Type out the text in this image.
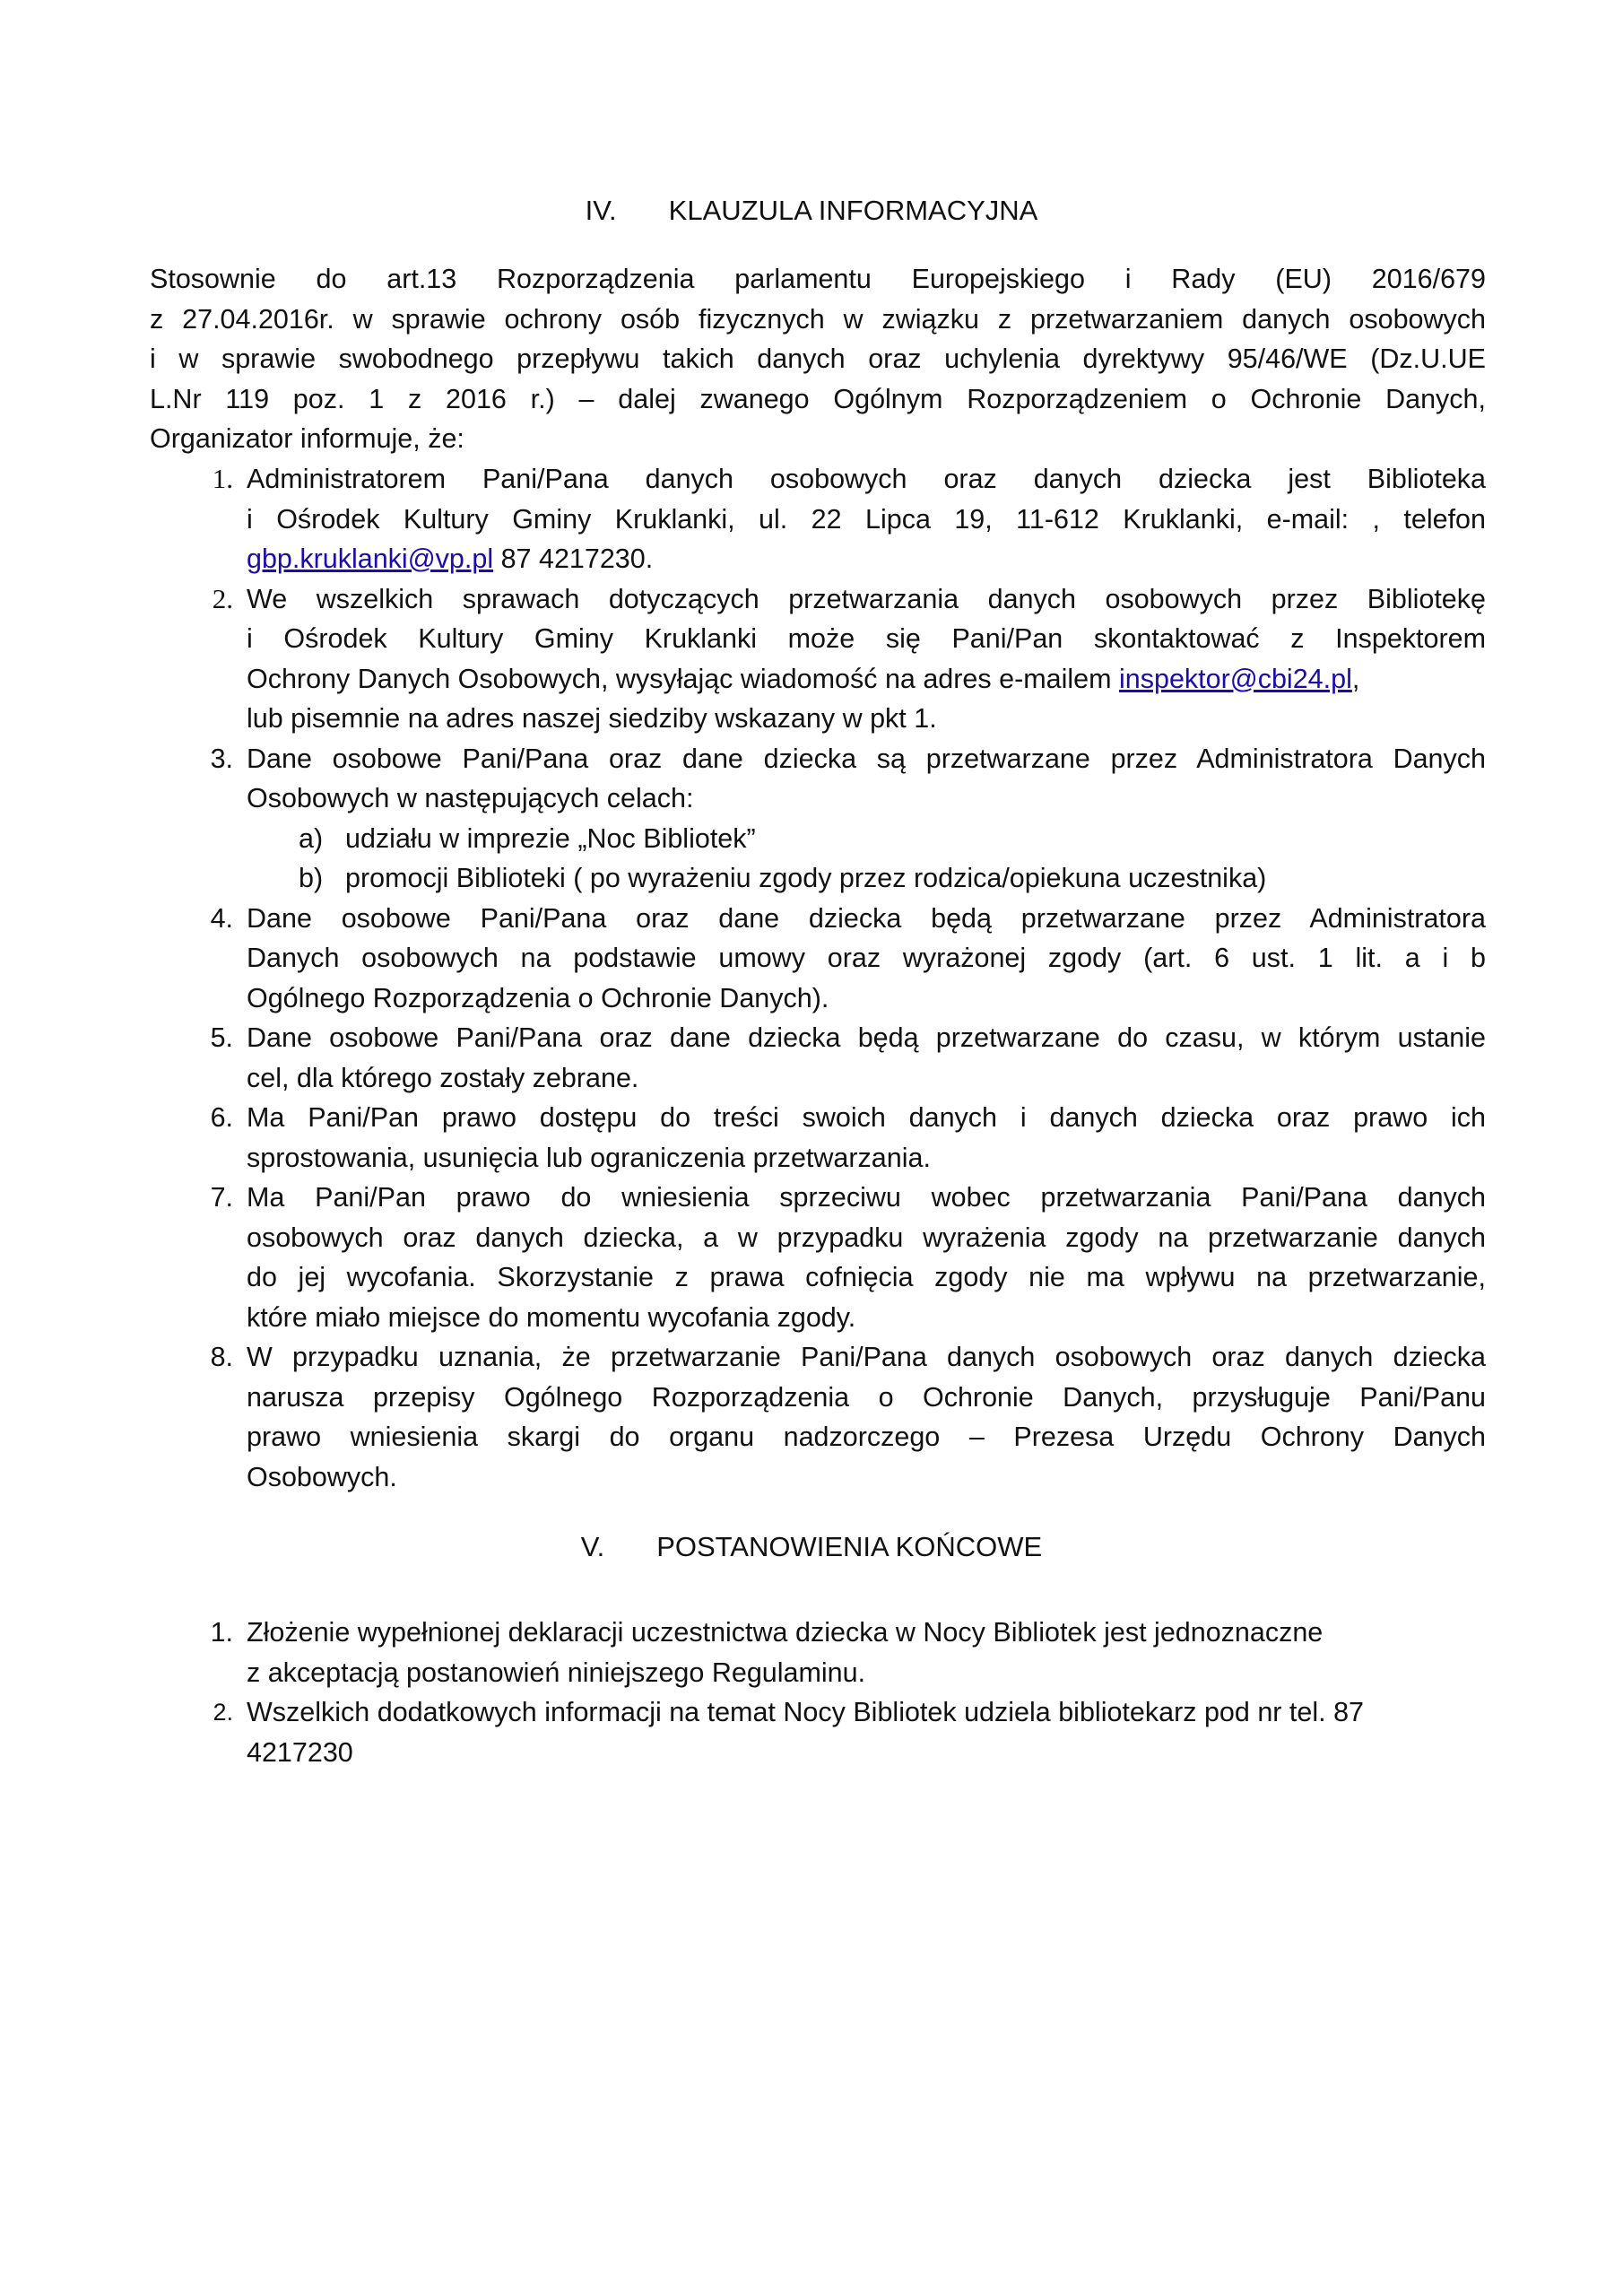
IV. KLAUZULA INFORMACYJNA
Stosownie do art.13 Rozporządzenia parlamentu Europejskiego i Rady (EU) 2016/679
z 27.04.2016r. w sprawie ochrony osób fizycznych w związku z przetwarzaniem danych osobowych
i w sprawie swobodnego przepływu takich danych oraz uchylenia dyrektywy 95/46/WE (Dz.U.UE
L.Nr 119 poz. 1 z 2016 r.) – dalej zwanego Ogólnym Rozporządzeniem o Ochronie Danych,
Organizator informuje, że:
1. Administratorem Pani/Pana danych osobowych oraz danych dziecka jest Biblioteka
i Ośrodek Kultury Gminy Kruklanki, ul. 22 Lipca 19, 11-612 Kruklanki, e-mail: , telefon
gbp.kruklanki@vp.pl 87 4217230.
2. We wszelkich sprawach dotyczących przetwarzania danych osobowych przez Bibliotekę
i Ośrodek Kultury Gminy Kruklanki może się Pani/Pan skontaktować z Inspektorem
Ochrony Danych Osobowych, wysyłając wiadomość na adres e-mailem inspektor@cbi24.pl,
lub pisemnie na adres naszej siedziby wskazany w pkt 1.
3. Dane osobowe Pani/Pana oraz dane dziecka są przetwarzane przez Administratora Danych
Osobowych w następujących celach:
a) udziału w imprezie „Noc Bibliotek”
b) promocji Biblioteki ( po wyrażeniu zgody przez rodzica/opiekuna uczestnika)
4. Dane osobowe Pani/Pana oraz dane dziecka będą przetwarzane przez Administratora
Danych osobowych na podstawie umowy oraz wyrażonej zgody (art. 6 ust. 1 lit. a i b
Ogólnego Rozporządzenia o Ochronie Danych).
5. Dane osobowe Pani/Pana oraz dane dziecka będą przetwarzane do czasu, w którym ustanie
cel, dla którego zostały zebrane.
6. Ma Pani/Pan prawo dostępu do treści swoich danych i danych dziecka oraz prawo ich
sprostowania, usunięcia lub ograniczenia przetwarzania.
7. Ma Pani/Pan prawo do wniesienia sprzeciwu wobec przetwarzania Pani/Pana danych
osobowych oraz danych dziecka, a w przypadku wyrażenia zgody na przetwarzanie danych
do jej wycofania. Skorzystanie z prawa cofnięcia zgody nie ma wpływu na przetwarzanie,
które miało miejsce do momentu wycofania zgody.
8. W przypadku uznania, że przetwarzanie Pani/Pana danych osobowych oraz danych dziecka
narusza przepisy Ogólnego Rozporządzenia o Ochronie Danych, przysługuje Pani/Panu
prawo wniesienia skargi do organu nadzorczego – Prezesa Urzędu Ochrony Danych
Osobowych.
V. POSTANOWIENIA KOŃCOWE
1. Złożenie wypełnionej deklaracji uczestnictwa dziecka w Nocy Bibliotek jest jednoznaczne
z akceptacją postanowień niniejszego Regulaminu.
2. Wszelkich dodatkowych informacji na temat Nocy Bibliotek udziela bibliotekarz pod nr tel. 87
4217230
